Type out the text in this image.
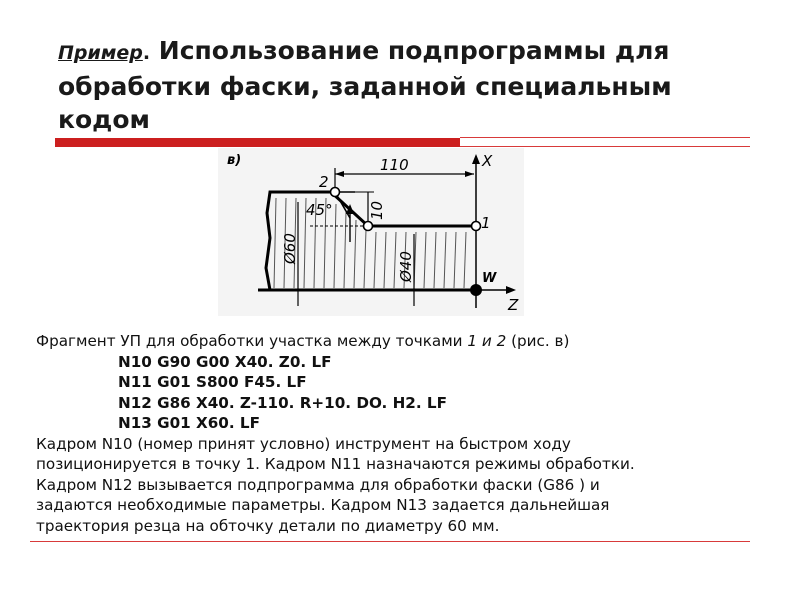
Пример. Использование подпрограммы для обработки фаски, заданной специальным кодом
в)	110
2
45° 10
X
1
W
Z
Ø60
Ø40
Фрагмент УП для обработки участка между точками 1 и 2 (рис. в)
N10 G90 G00 X40. Z0. LF
N11 G01 S800 F45. LF
N12 G86 X40. Z-110. R+10. DO. H2. LF
N13 G01 X60. LF
Кадром N10 (номер принят условно) инструмент на быстром ходу
позиционируется в точку 1. Кадром N11 назначаются режимы обработки.
Кадром N12 вызывается подпрограмма для обработки фаски (G86 ) и
задаются необходимые параметры. Кадром N13 задается дальнейшая
траектория резца на обточку детали по диаметру 60 мм.
